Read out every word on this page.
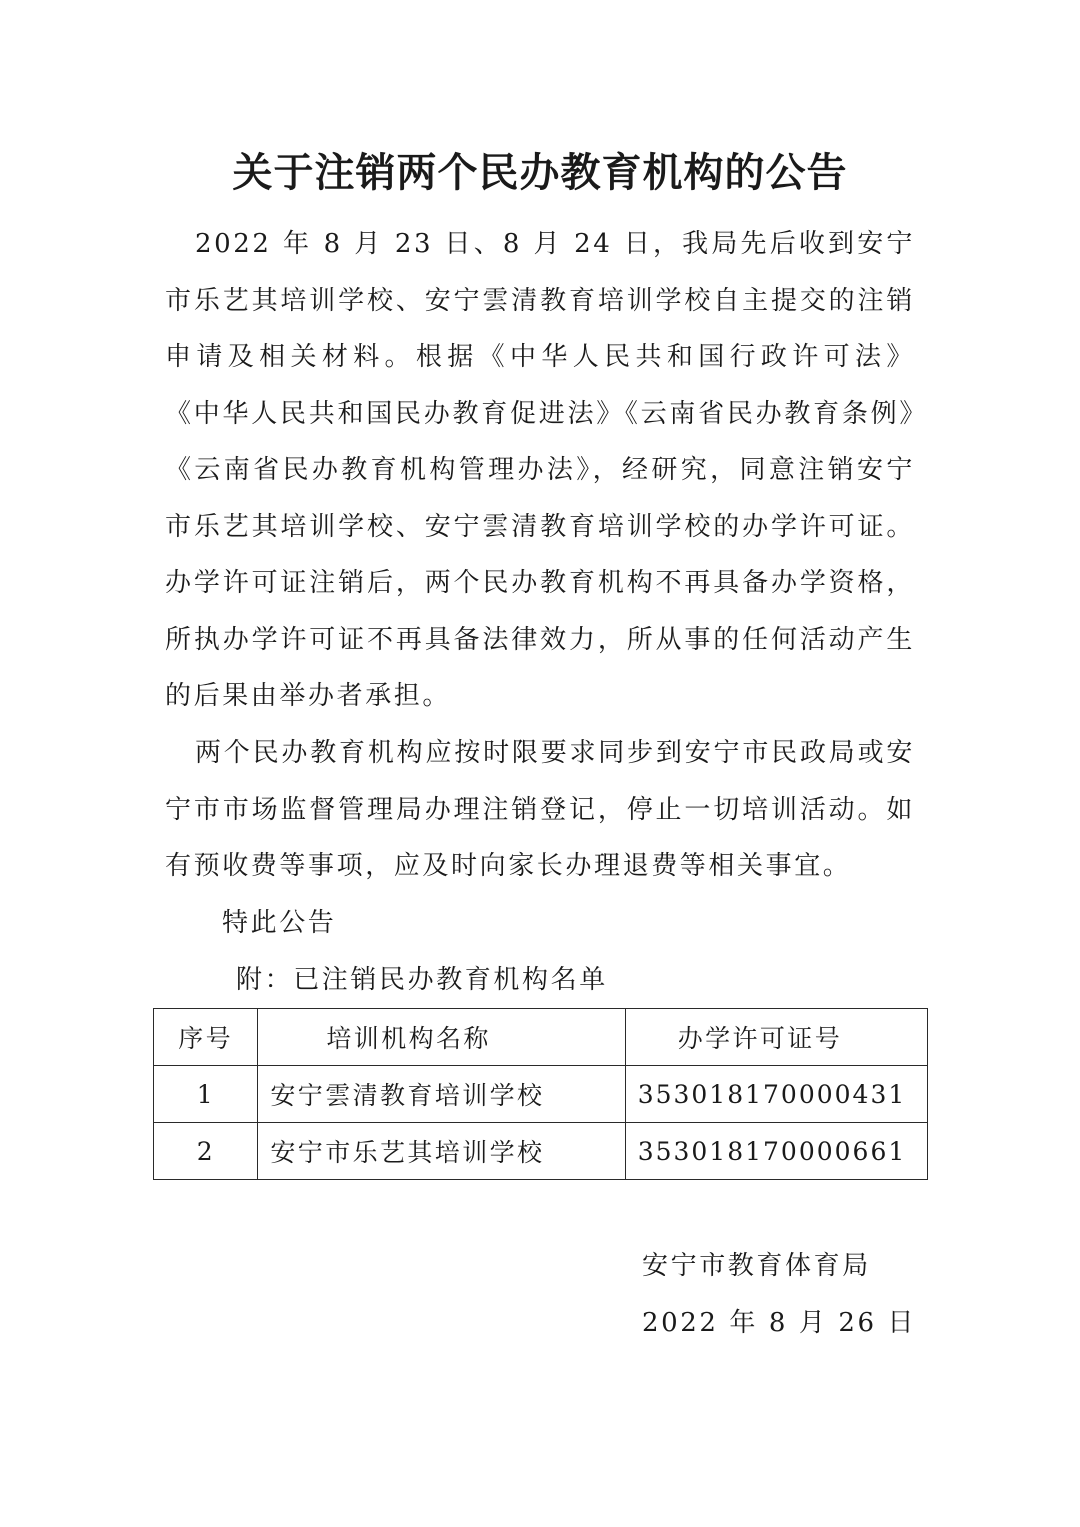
关于注销两个民办教育机构的公告

2022 年 8 月 23 日、8 月 24 日，我局先后收到安宁市乐艺其培训学校、安宁雲清教育培训学校自主提交的注销申请及相关材料。根据《中华人民共和国行政许可法》 《中华人民共和国民办教育促进法》《云南省民办教育条例》《云南省民办教育机构管理办法》，经研究，同意注销安宁市乐艺其培训学校、安宁雲清教育培训学校的办学许可证。办学许可证注销后，两个民办教育机构不再具备办学资格，所执办学许可证不再具备法律效力，所从事的任何活动产生的后果由举办者承担。

两个民办教育机构应按时限要求同步到安宁市民政局或安宁市市场监督管理局办理注销登记，停止一切培训活动。如有预收费等事项，应及时向家长办理退费等相关事宜。

特此公告
附：已注销民办教育机构名单
序号	培训机构名称	办学许可证号
1	安宁雲清教育培训学校	353018170000431
2	安宁市乐艺其培训学校	353018170000661
安宁市教育体育局
2022 年 8 月 26 日
